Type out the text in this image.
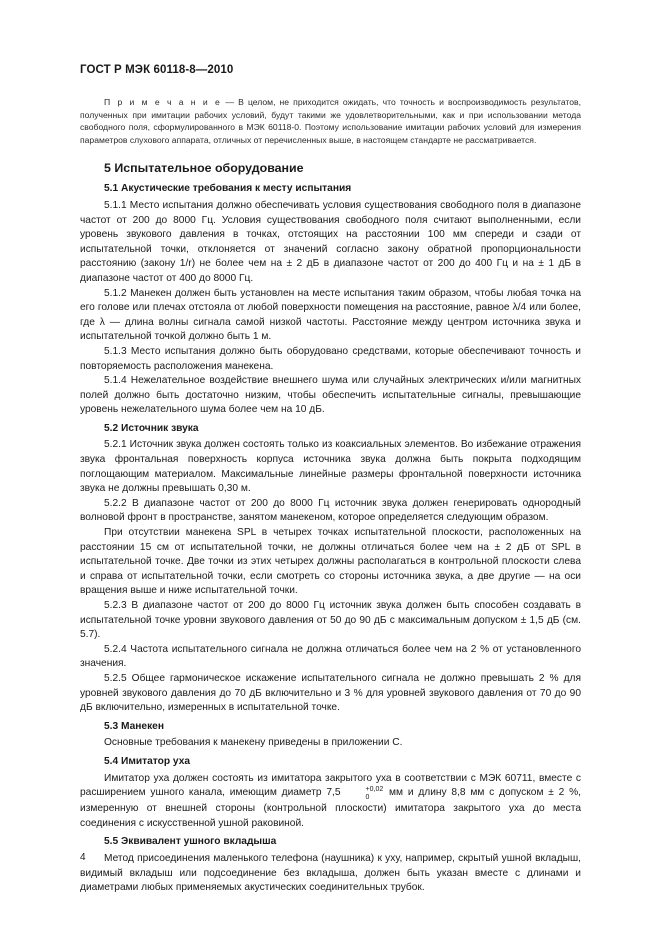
ГОСТ Р МЭК 60118-8—2010

П р и м е ч а н и е — В целом, не приходится ожидать, что точность и воспроизводимость результатов, полученных при имитации рабочих условий, будут такими же удовлетворительными, как и при использовании метода свободного поля, сформулированного в МЭК 60118-0. Поэтому использование имитации рабочих условий для измерения параметров слухового аппарата, отличных от перечисленных выше, в настоящем стандарте не рассматривается.

5 Испытательное оборудование
5.1 Акустические требования к месту испытания

5.1.1 Место испытания должно обеспечивать условия существования свободного поля в диапазоне частот от 200 до 8000 Гц. Условия существования свободного поля считают выполненными, если уровень звукового давления в точках, отстоящих на расстоянии 100 мм спереди и сзади от испытательной точки, отклоняется от значений согласно закону обратной пропорциональности расстоянию (закону 1/r) не более чем на ± 2 дБ в диапазоне частот от 200 до 400 Гц и на ± 1 дБ в диапазоне частот от 400 до 8000 Гц.

5.1.2 Манекен должен быть установлен на месте испытания таким образом, чтобы любая точка на его голове или плечах отстояла от любой поверхности помещения на расстояние, равное λ/4 или более, где λ — длина волны сигнала самой низкой частоты. Расстояние между центром источника звука и испытательной точкой должно быть 1 м.

5.1.3 Место испытания должно быть оборудовано средствами, которые обеспечивают точность и повторяемость расположения манекена.

5.1.4 Нежелательное воздействие внешнего шума или случайных электрических и/или магнитных полей должно быть достаточно низким, чтобы обеспечить испытательные сигналы, превышающие уровень нежелательного шума более чем на 10 дБ.

5.2 Источник звука

5.2.1 Источник звука должен состоять только из коаксиальных элементов. Во избежание отражения звука фронтальная поверхность корпуса источника звука должна быть покрыта подходящим поглощающим материалом. Максимальные линейные размеры фронтальной поверхности источника звука не должны превышать 0,30 м.

5.2.2 В диапазоне частот от 200 до 8000 Гц источник звука должен генерировать однородный волновой фронт в пространстве, занятом манекеном, которое определяется следующим образом.

При отсутствии манекена SPL в четырех точках испытательной плоскости, расположенных на расстоянии 15 см от испытательной точки, не должны отличаться более чем на ± 2 дБ от SPL в испытательной точке. Две точки из этих четырех должны располагаться в контрольной плоскости слева и справа от испытательной точки, если смотреть со стороны источника звука, а две другие — на оси вращения выше и ниже испытательной точки.

5.2.3 В диапазоне частот от 200 до 8000 Гц источник звука должен быть способен создавать в испытательной точке уровни звукового давления от 50 до 90 дБ с максимальным допуском ± 1,5 дБ (см. 5.7).

5.2.4 Частота испытательного сигнала не должна отличаться более чем на 2 % от установленного значения.

5.2.5 Общее гармоническое искажение испытательного сигнала не должно превышать 2 % для уровней звукового давления до 70 дБ включительно и 3 % для уровней звукового давления от 70 до 90 дБ включительно, измеренных в испытательной точке.

5.3 Манекен

Основные требования к манекену приведены в приложении С.

5.4 Имитатор уха

Имитатор уха должен состоять из имитатора закрытого уха в соответствии с МЭК 60711, вместе с расширением ушного канала, имеющим диаметр 7,5	+0,02
0	мм и длину 8,8 мм с допуском ± 2 %, измеренную от внешней стороны (контрольной плоскости) имитатора закрытого уха до места соединения с искусственной ушной раковиной.

5.5 Эквивалент ушного вкладыша

Метод присоединения маленького телефона (наушника) к уху, например, скрытый ушной вкладыш, видимый вкладыш или подсоединение без вкладыша, должен быть указан вместе с длинами и диаметрами любых применяемых акустических соединительных трубок.

4
